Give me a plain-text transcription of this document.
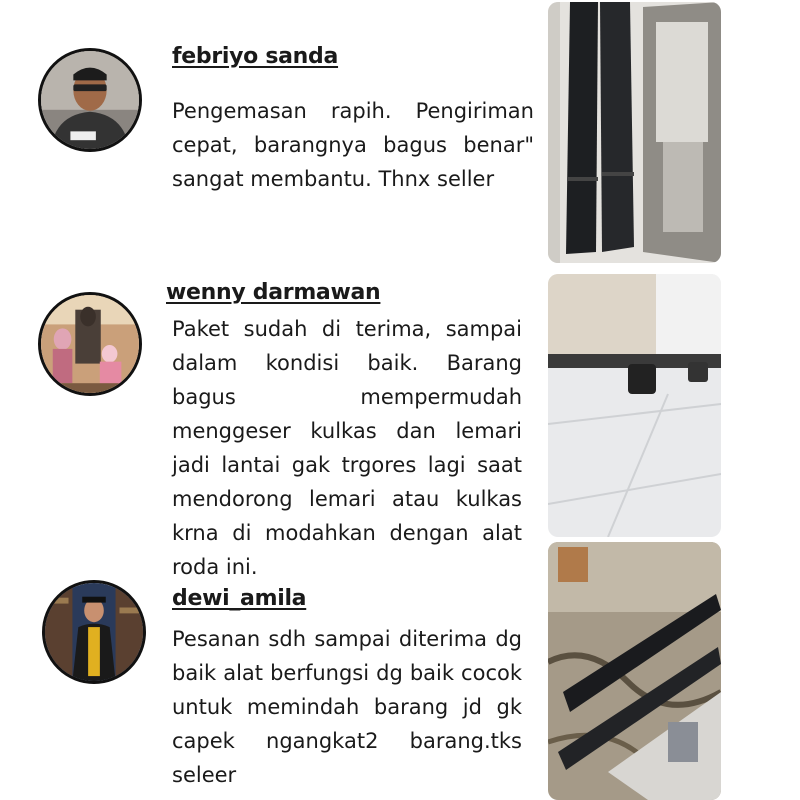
febriyo sanda

Pengemasan rapih. Pengiriman cepat, barangnya bagus benar" sangat membantu. Thnx seller

wenny darmawan

Paket sudah di terima, sampai dalam kondisi baik. Barang bagus mempermudah menggeser kulkas dan lemari jadi lantai gak trgores lagi saat mendorong lemari atau kulkas krna di modahkan dengan alat roda ini.

dewi_amila

Pesanan sdh sampai diterima dg baik alat berfungsi dg baik cocok untuk memindah barang jd gk capek ngangkat2 barang.tks seleer
